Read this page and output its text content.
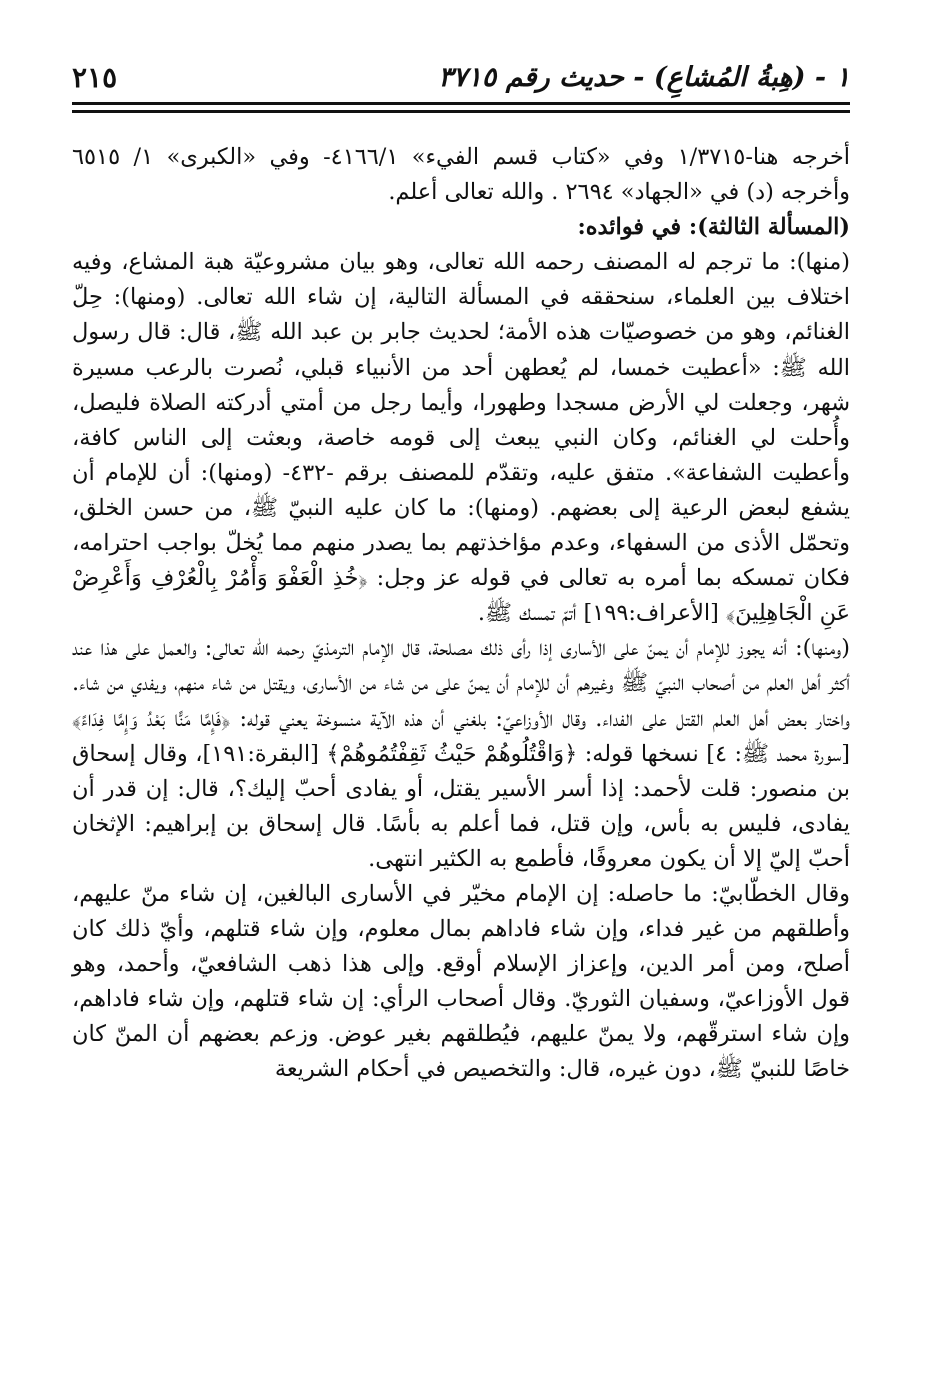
١ - (هِبةُ المُشاعِ) - حديث رقم ٣٧١٥
٢١٥

أخرجه هنا-١/٣٧١٥ وفي «كتاب قسم الفيء» ٤١٦٦/١- وفي «الكبرى» ١/ ٦٥١٥ وأخرجه (د) في «الجهاد» ٢٦٩٤ . والله تعالى أعلم.

(المسألة الثالثة): في فوائده:

(منها): ما ترجم له المصنف رحمه الله تعالى، وهو بيان مشروعيّة هبة المشاع، وفيه اختلاف بين العلماء، سنحققه في المسألة التالية، إن شاء الله تعالى. (ومنها): حِلّ الغنائم، وهو من خصوصيّات هذه الأمة؛ لحديث جابر بن عبد الله ﷺ، قال: قال رسول الله ﷺ: «أعطيت خمسا، لم يُعطهن أحد من الأنبياء قبلي، نُصرت بالرعب مسيرة شهر، وجعلت لي الأرض مسجدا وطهورا، وأيما رجل من أمتي أدركته الصلاة فليصل، وأُحلت لي الغنائم، وكان النبي يبعث إلى قومه خاصة، وبعثت إلى الناس كافة، وأعطيت الشفاعة». متفق عليه، وتقدّم للمصنف برقم -٤٣٢- (ومنها): أن للإمام أن يشفع لبعض الرعية إلى بعضهم. (ومنها): ما كان عليه النبيّ ﷺ، من حسن الخلق، وتحمّل الأذى من السفهاء، وعدم مؤاخذتهم بما يصدر منهم مما يُخلّ بواجب احترامه، فكان تمسكه بما أمره به تعالى في قوله عز وجل: ﴿خُذِ الْعَفْوَ وَأْمُرْ بِالْعُرْفِ وَأَعْرِضْ عَنِ الْجَاهِلِينَ﴾ [الأعراف:١٩٩] أتمّ تمسك ﷺ.

(ومنها): أنه يجوز للإمام أن يمنّ على الأسارى إذا رأى ذلك مصلحة، قال الإمام الترمذيّ رحمه الله تعالى: والعمل على هذا عند أكثر أهل العلم من أصحاب النبيّ ﷺ وغيرهم أن للإمام أن يمنّ على من شاء من الأسارى، ويقتل من شاء منهم، ويفدي من شاء. واختار بعض أهل العلم القتل على الفداء. وقال الأوزاعيّ: بلغني أن هذه الآية منسوخة يعني قوله: ﴿فَإِمَّا مَنًّا بَعْدُ وَإِمَّا فِدَاءً﴾ [سورة محمد ﷺ: ٤] نسخها قوله: ﴿وَاقْتُلُوهُمْ حَيْثُ ثَقِفْتُمُوهُمْ﴾ [البقرة:١٩١]، وقال إسحاق بن منصور: قلت لأحمد: إذا أسر الأسير يقتل، أو يفادى أحبّ إليك؟، قال: إن قدر أن يفادى، فليس به بأس، وإن قتل، فما أعلم به بأسًا. قال إسحاق بن إبراهيم: الإثخان أحبّ إليّ إلا أن يكون معروفًا، فأطمع به الكثير انتهى.

وقال الخطّابيّ: ما حاصله: إن الإمام مخيّر في الأسارى البالغين، إن شاء منّ عليهم، وأطلقهم من غير فداء، وإن شاء فاداهم بمال معلوم، وإن شاء قتلهم، وأيّ ذلك كان أصلح، ومن أمر الدين، وإعزاز الإسلام أوقع. وإلى هذا ذهب الشافعيّ، وأحمد، وهو قول الأوزاعيّ، وسفيان الثوريّ. وقال أصحاب الرأي: إن شاء قتلهم، وإن شاء فاداهم، وإن شاء استرقّهم، ولا يمنّ عليهم، فيُطلقهم بغير عوض. وزعم بعضهم أن المنّ كان خاصًا للنبيّ ﷺ، دون غيره، قال: والتخصيص في أحكام الشريعة
